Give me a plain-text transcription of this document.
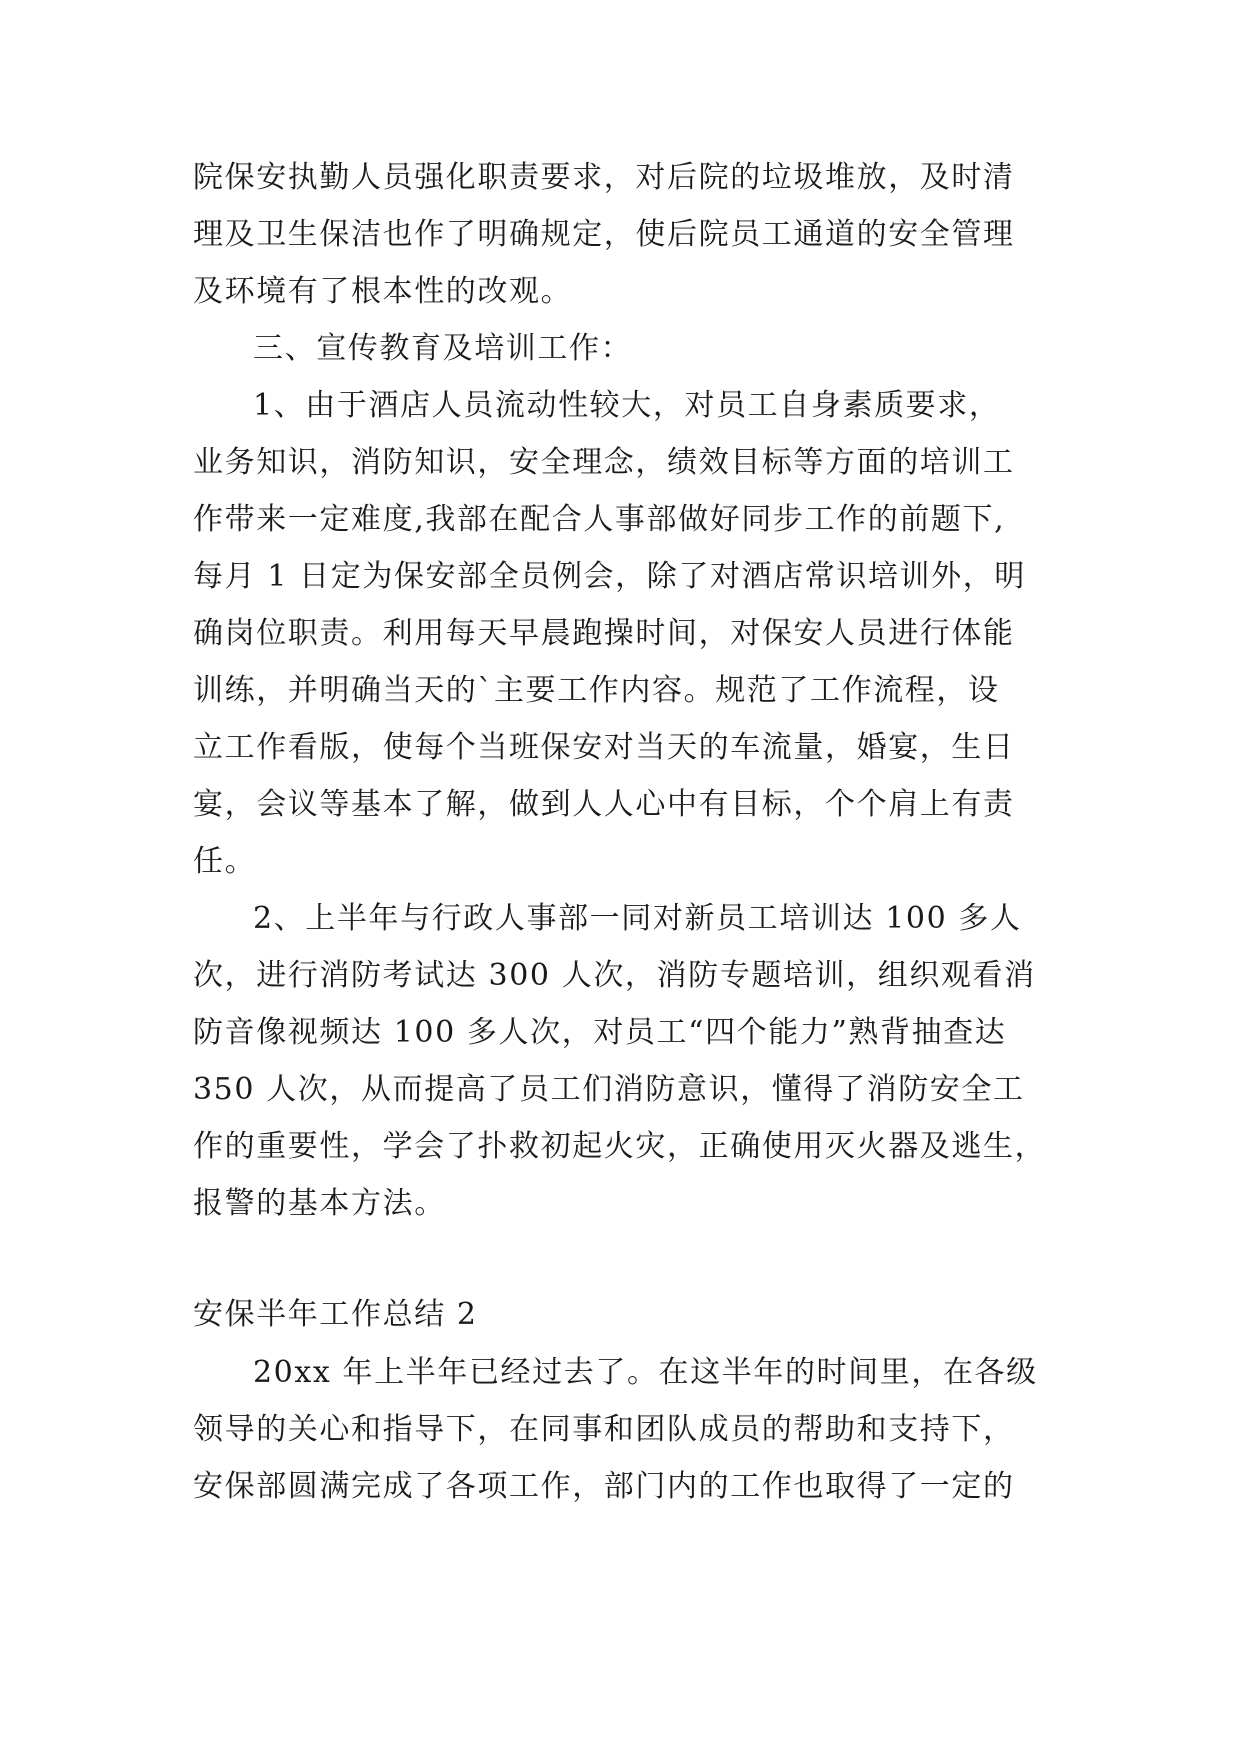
院保安执勤人员强化职责要求，对后院的垃圾堆放，及时清
理及卫生保洁也作了明确规定，使后院员工通道的安全管理
及环境有了根本性的改观。
三、宣传教育及培训工作：
1、由于酒店人员流动性较大，对员工自身素质要求，
业务知识，消防知识，安全理念，绩效目标等方面的培训工
作带来一定难度,我部在配合人事部做好同步工作的前题下,
每月 1 日定为保安部全员例会，除了对酒店常识培训外，明
确岗位职责。利用每天早晨跑操时间，对保安人员进行体能
训练，并明确当天的`主要工作内容。规范了工作流程，设
立工作看版，使每个当班保安对当天的车流量，婚宴，生日
宴，会议等基本了解，做到人人心中有目标，个个肩上有责
任。
2、上半年与行政人事部一同对新员工培训达 100 多人
次，进行消防考试达 300 人次，消防专题培训，组织观看消
防音像视频达 100 多人次，对员工“四个能力”熟背抽查达
350 人次，从而提高了员工们消防意识，懂得了消防安全工
作的重要性，学会了扑救初起火灾，正确使用灭火器及逃生，
报警的基本方法。
安保半年工作总结 2
20xx 年上半年已经过去了。在这半年的时间里，在各级
领导的关心和指导下，在同事和团队成员的帮助和支持下，
安保部圆满完成了各项工作，部门内的工作也取得了一定的
